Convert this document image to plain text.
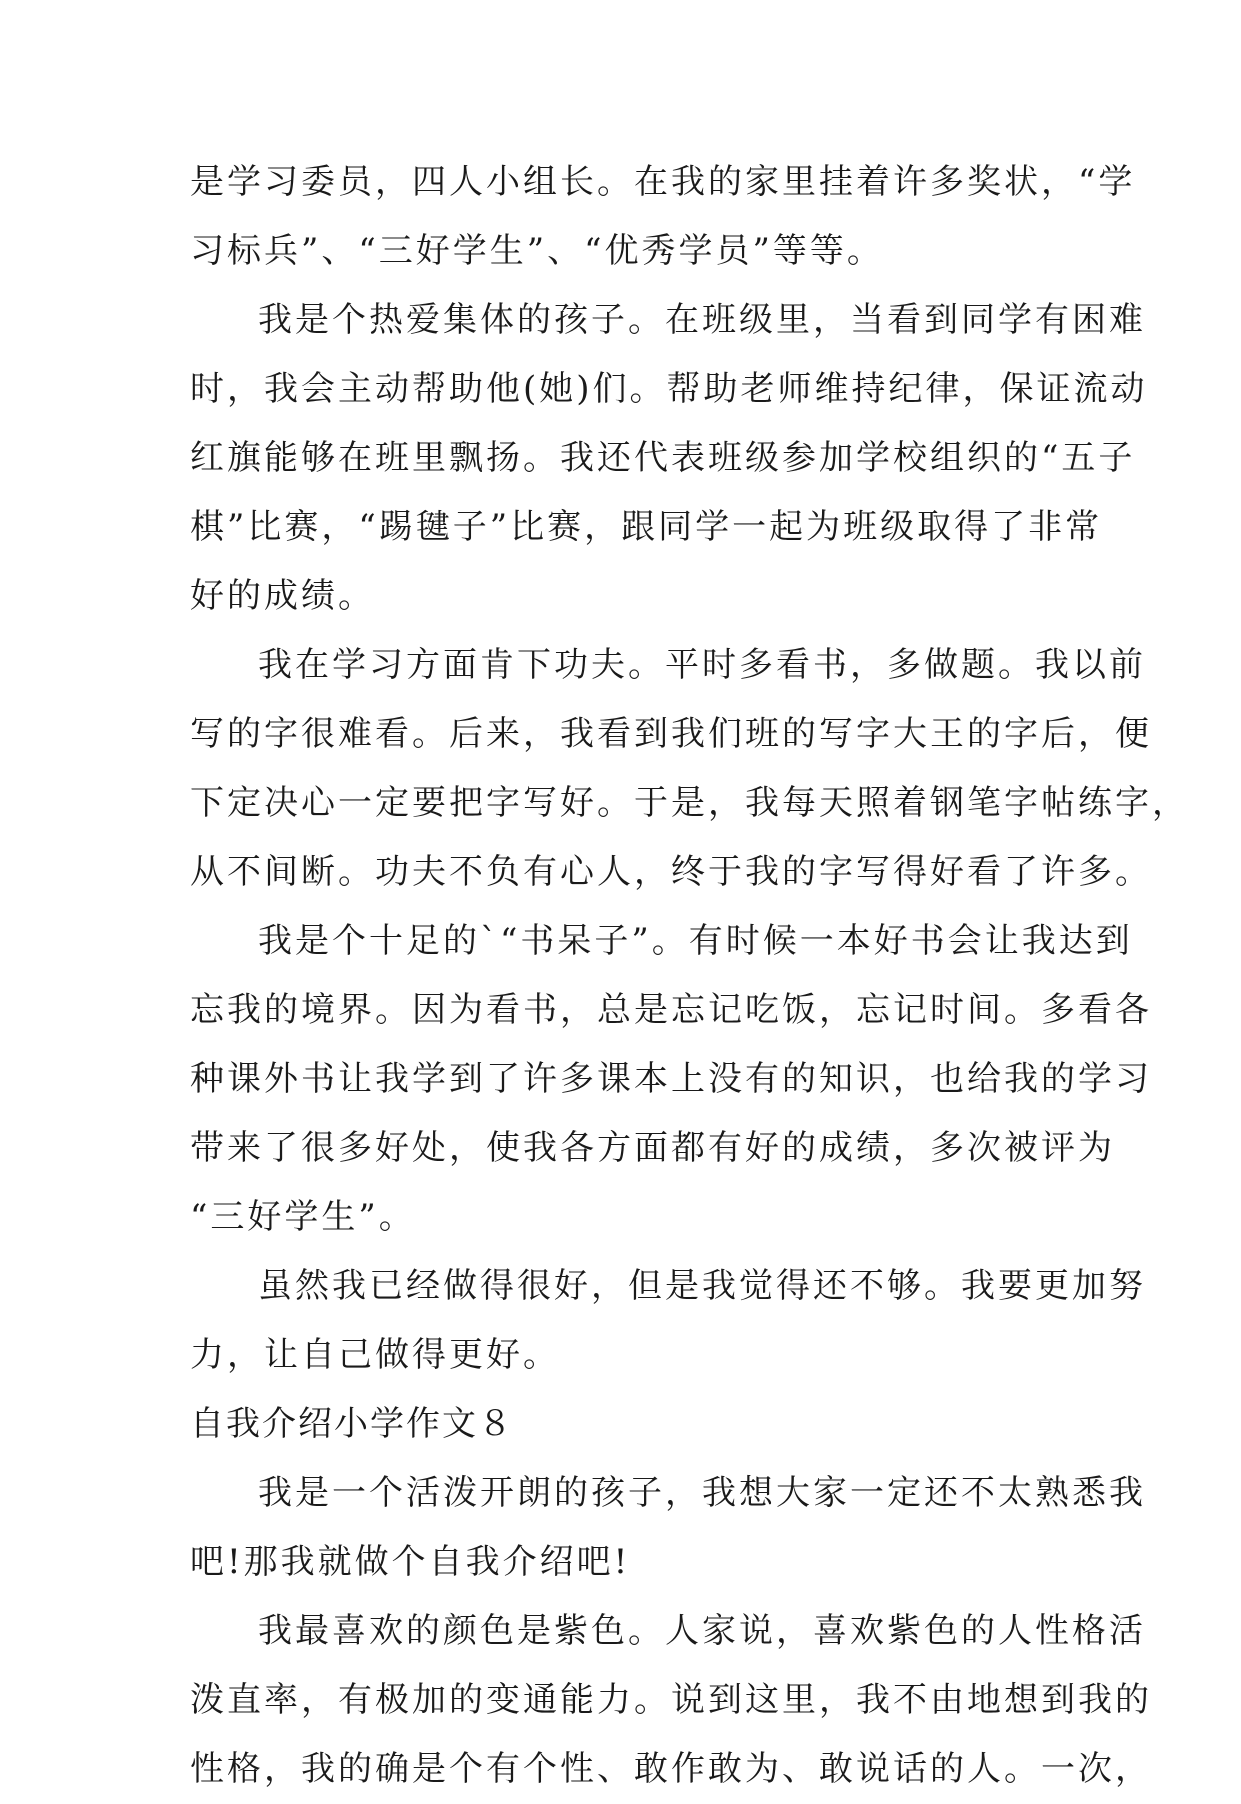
是学习委员，四人小组长。在我的家里挂着许多奖状，“学
习标兵”、“三好学生”、“优秀学员”等等。
我是个热爱集体的孩子。在班级里，当看到同学有困难
时，我会主动帮助他(她)们。帮助老师维持纪律，保证流动
红旗能够在班里飘扬。我还代表班级参加学校组织的“五子
棋”比赛，“踢毽子”比赛，跟同学一起为班级取得了非常
好的成绩。
我在学习方面肯下功夫。平时多看书，多做题。我以前
写的字很难看。后来，我看到我们班的写字大王的字后，便
下定决心一定要把字写好。于是，我每天照着钢笔字帖练字，
从不间断。功夫不负有心人，终于我的字写得好看了许多。
我是个十足的`“书呆子”。有时候一本好书会让我达到
忘我的境界。因为看书，总是忘记吃饭，忘记时间。多看各
种课外书让我学到了许多课本上没有的知识，也给我的学习
带来了很多好处，使我各方面都有好的成绩，多次被评为
“三好学生”。
虽然我已经做得很好，但是我觉得还不够。我要更加努
力，让自己做得更好。
自我介绍小学作文８
我是一个活泼开朗的孩子，我想大家一定还不太熟悉我
吧!那我就做个自我介绍吧!
我最喜欢的颜色是紫色。人家说，喜欢紫色的人性格活
泼直率，有极加的变通能力。说到这里，我不由地想到我的
性格，我的确是个有个性、敢作敢为、敢说话的人。一次，
